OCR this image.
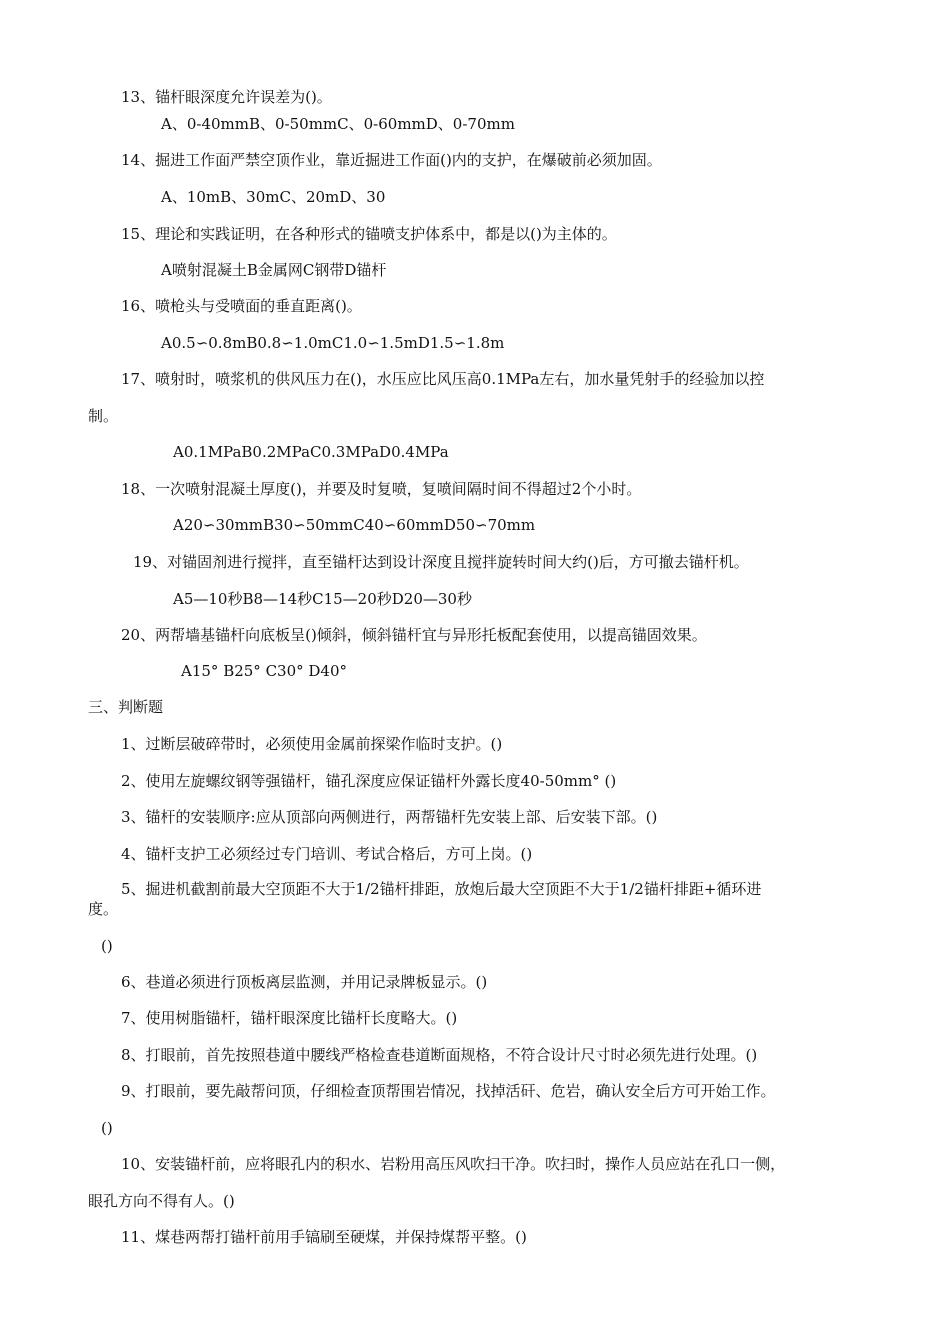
13、锚杆眼深度允许误差为()。
A、0-40mmB、0-50mmC、0-60mmD、0-70mm
14、掘进工作面严禁空顶作业，靠近掘进工作面()内的支护，在爆破前必须加固。
A、10mB、30mC、20mD、30
15、理论和实践证明，在各种形式的锚喷支护体系中，都是以()为主体的。
A喷射混凝土B金属网C钢带D锚杆
16、喷枪头与受喷面的垂直距离()。
A0.5∽0.8mB0.8∽1.0mC1.0∽1.5mD1.5∽1.8m
17、喷射时，喷浆机的供风压力在()，水压应比风压高0.1MPa左右，加水量凭射手的经验加以控
制。
A0.1MPaB0.2MPaC0.3MPaD0.4MPa
18、一次喷射混凝土厚度()，并要及时复喷，复喷间隔时间不得超过2个小时。
A20∽30mmB30∽50mmC40∽60mmD50∽70mm
19、对锚固剂进行搅拌，直至锚杆达到设计深度且搅拌旋转时间大约()后，方可撤去锚杆机。
A5—10秒B8—14秒C15—20秒D20—30秒
20、两帮墙基锚杆向底板呈()倾斜，倾斜锚杆宜与异形托板配套使用，以提高锚固效果。
A15° B25° C30° D40°
三、判断题
1、过断层破碎带时，必须使用金属前探梁作临时支护。()
2、使用左旋螺纹钢等强锚杆，锚孔深度应保证锚杆外露长度40-50mm° ()
3、锚杆的安装顺序:应从顶部向两侧进行，两帮锚杆先安装上部、后安装下部。()
4、锚杆支护工必须经过专门培训、考试合格后，方可上岗。()
5、掘进机截割前最大空顶距不大于1/2锚杆排距，放炮后最大空顶距不大于1/2锚杆排距+循环进
度。
()
6、巷道必须进行顶板离层监测，并用记录牌板显示。()
7、使用树脂锚杆，锚杆眼深度比锚杆长度略大。()
8、打眼前，首先按照巷道中腰线严格检查巷道断面规格，不符合设计尺寸时必须先进行处理。()
9、打眼前，要先敲帮问顶，仔细检查顶帮围岩情况，找掉活矸、危岩，确认安全后方可开始工作。
()
10、安装锚杆前，应将眼孔内的积水、岩粉用高压风吹扫干净。吹扫时，操作人员应站在孔口一侧，
眼孔方向不得有人。()
11、煤巷两帮打锚杆前用手镐刷至硬煤，并保持煤帮平整。()
